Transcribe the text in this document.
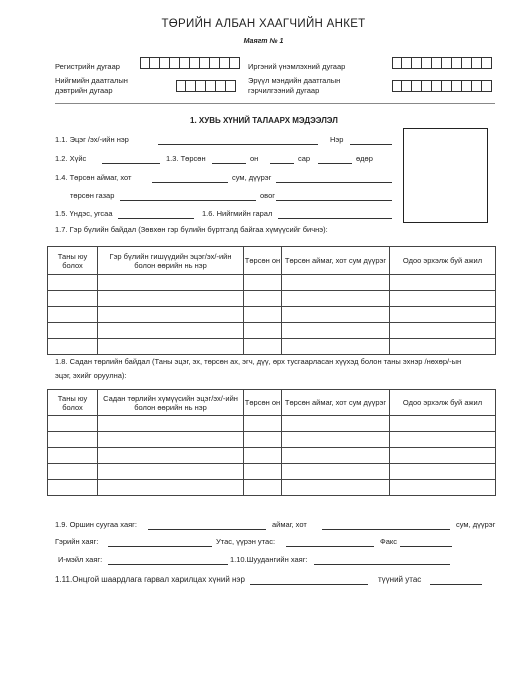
ТӨРИЙН АЛБАН ХААГЧИЙН АНКЕТ
Маягт № 1
Регистрийн дугаар	Иргэний үнэмлэхний дугаар
Нийгмийн даатгалын
дэвтрийн дугаар
Эрүүл мэндийн даатгалын
гэрчилгээний дугаар
1. ХУВЬ ХҮНИЙ ТАЛААРХ МЭДЭЭЛЭЛ
1.1. Эцэг /эх/-ийн нэр	Нэр
1.2. Хүйс	1.3. Төрсөн	он	сар	өдөр
1.4. Төрсөн аймаг, хот	сум, дүүрэг
төрсөн газар	овог
1.5. Үндэс, угсаа	1.6. Нийгмийн гарал
1.7. Гэр бүлийн байдал (Зөвхөн гэр бүлийн бүртгэлд байгаа хүмүүсийг бичнэ):
Таны юу болох	Гэр бүлийн гишүүдийн эцэг/эх/-ийн болон өөрийн нь нэр	Төрсөн он	Төрсөн аймаг, хот сум дүүрэг	Одоо эрхэлж буй ажил

1.8. Садан төрлийн байдал (Таны эцэг, эх, төрсөн ах, эгч, дүү, өрх тусгаарласан хүүхэд болон таны эхнэр /нөхөр/-ын
эцэг, эхийг оруулна):
Таны юу болох	Садан төрлийн хүмүүсийн эцэг/эх/-ийн болон өөрийн нь нэр	Төрсөн он	Төрсөн аймаг, хот сум дүүрэг	Одоо эрхэлж буй ажил

1.9. Оршин суугаа хаяг:	аймаг, хот	сум, дүүрэг
Гэрийн хаяг:	Утас, үүрэн утас:	Факс
И-мэйл хаяг:	1.10.Шуудангийн хаяг:
1.11.Онцгой шаардлага гарвал харилцах хүний нэр	түүний утас
